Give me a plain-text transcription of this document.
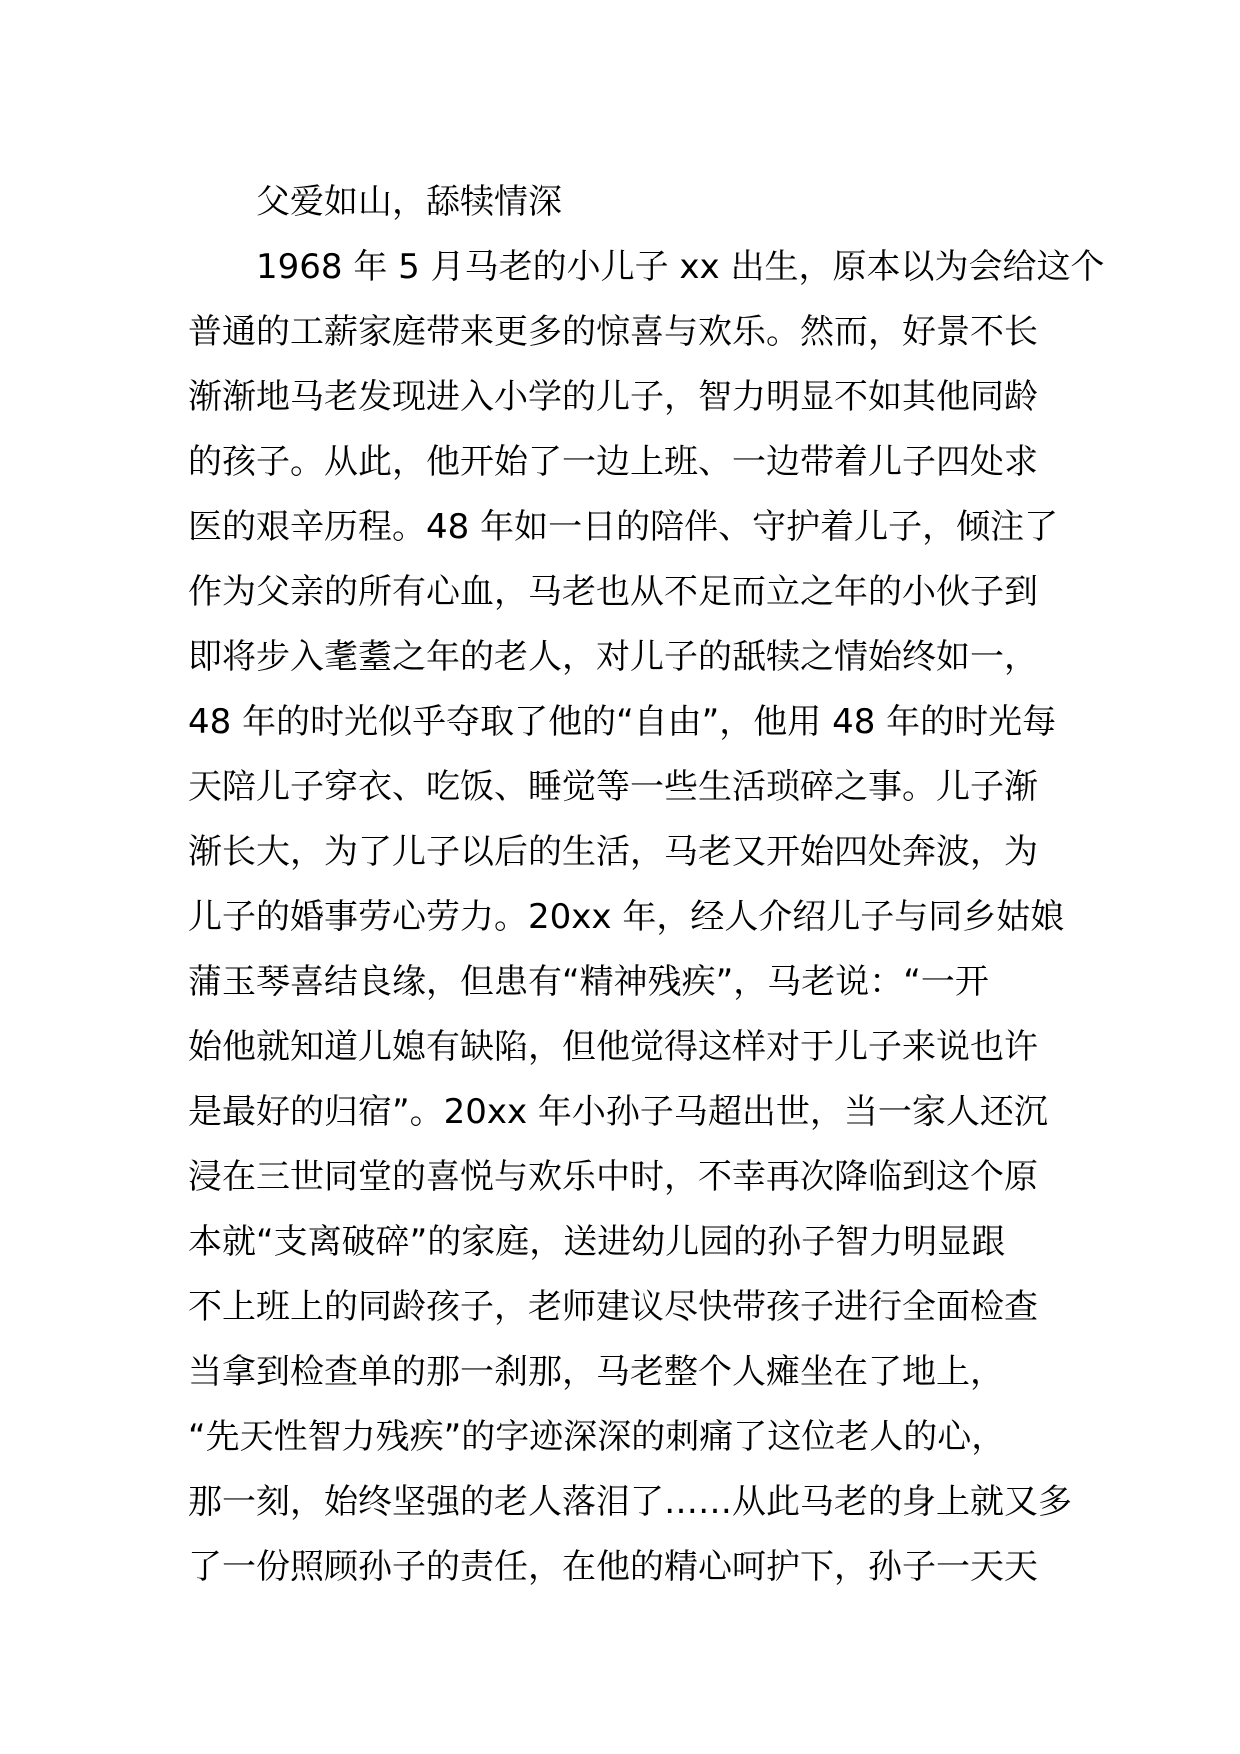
父爱如山，舔犊情深
1968 年 5 月马老的小儿子 xx 出生，原本以为会给这个
普通的工薪家庭带来更多的惊喜与欢乐。然而，好景不长
渐渐地马老发现进入小学的儿子，智力明显不如其他同龄
的孩子。从此，他开始了一边上班、一边带着儿子四处求
医的艰辛历程。48 年如一日的陪伴、守护着儿子，倾注了
作为父亲的所有心血，马老也从不足而立之年的小伙子到
即将步入耄耋之年的老人，对儿子的舐犊之情始终如一，
48 年的时光似乎夺取了他的“自由”，他用 48 年的时光每
天陪儿子穿衣、吃饭、睡觉等一些生活琐碎之事。儿子渐
渐长大，为了儿子以后的生活，马老又开始四处奔波，为
儿子的婚事劳心劳力。20xx 年，经人介绍儿子与同乡姑娘
蒲玉琴喜结良缘，但患有“精神残疾”，马老说：“一开
始他就知道儿媳有缺陷，但他觉得这样对于儿子来说也许
是最好的归宿”。20xx 年小孙子马超出世，当一家人还沉
浸在三世同堂的喜悦与欢乐中时，不幸再次降临到这个原
本就“支离破碎”的家庭，送进幼儿园的孙子智力明显跟
不上班上的同龄孩子，老师建议尽快带孩子进行全面检查
当拿到检查单的那一刹那，马老整个人瘫坐在了地上，
“先天性智力残疾”的字迹深深的刺痛了这位老人的心，
那一刻，始终坚强的老人落泪了……从此马老的身上就又多
了一份照顾孙子的责任，在他的精心呵护下，孙子一天天
